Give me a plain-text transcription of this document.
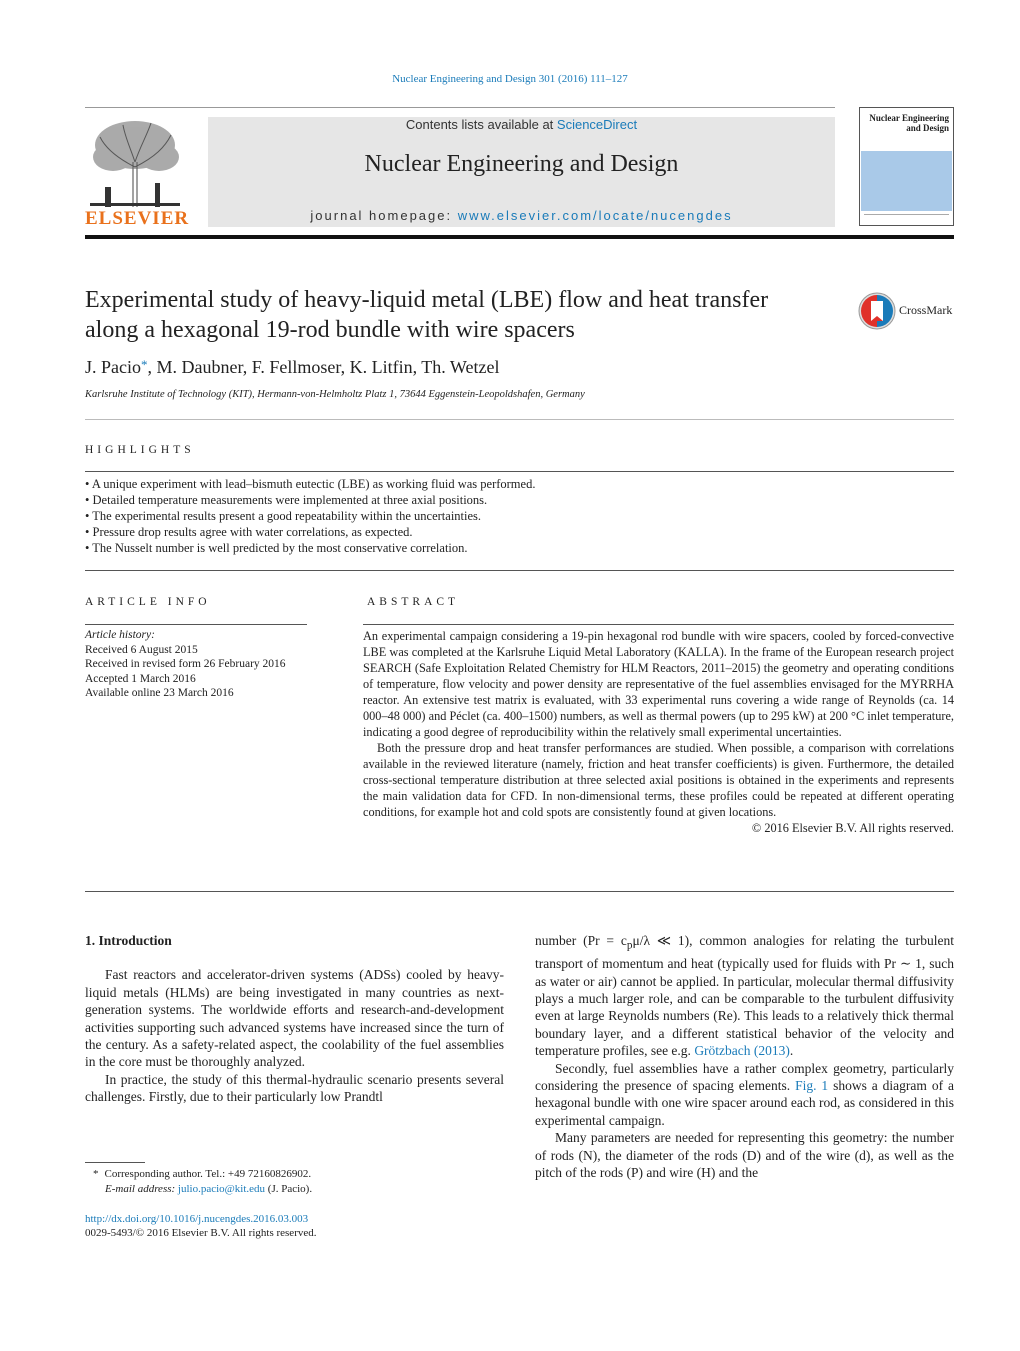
Nuclear Engineering and Design 301 (2016) 111–127
ELSEVIER
Contents lists available at ScienceDirect
Nuclear Engineering and Design
journal homepage: www.elsevier.com/locate/nucengdes
Nuclear Engineering and Design
Experimental study of heavy-liquid metal (LBE) flow and heat transfer along a hexagonal 19-rod bundle with wire spacers
CrossMark
J. Pacio*, M. Daubner, F. Fellmoser, K. Litfin, Th. Wetzel
Karlsruhe Institute of Technology (KIT), Hermann-von-Helmholtz Platz 1, 73644 Eggenstein-Leopoldshafen, Germany
HIGHLIGHTS
• A unique experiment with lead–bismuth eutectic (LBE) as working fluid was performed.
• Detailed temperature measurements were implemented at three axial positions.
• The experimental results present a good repeatability within the uncertainties.
• Pressure drop results agree with water correlations, as expected.
• The Nusselt number is well predicted by the most conservative correlation.
ARTICLE INFO
Article history:
Received 6 August 2015
Received in revised form 26 February 2016
Accepted 1 March 2016
Available online 23 March 2016
ABSTRACT

An experimental campaign considering a 19-pin hexagonal rod bundle with wire spacers, cooled by forced-convective LBE was completed at the Karlsruhe Liquid Metal Laboratory (KALLA). In the frame of the European research project SEARCH (Safe Exploitation Related Chemistry for HLM Reactors, 2011–2015) the geometry and operating conditions of temperature, flow velocity and power density are representative of the fuel assemblies envisaged for the MYRRHA reactor. An extensive test matrix is evaluated, with 33 experimental runs covering a wide range of Reynolds (ca. 14 000–48 000) and Péclet (ca. 400–1500) numbers, as well as thermal powers (up to 295 kW) at 200 °C inlet temperature, indicating a good degree of reproducibility within the relatively small experimental uncertainties.

Both the pressure drop and heat transfer performances are studied. When possible, a comparison with correlations available in the reviewed literature (namely, friction and heat transfer coefficients) is given. Furthermore, the detailed cross-sectional temperature distribution at three selected axial positions is obtained in the experiments and represents the main validation data for CFD. In non-dimensional terms, these profiles could be repeated at different operating conditions, for example hot and cold spots are consistently found at given locations.

© 2016 Elsevier B.V. All rights reserved.

1. Introduction

Fast reactors and accelerator-driven systems (ADSs) cooled by heavy-liquid metals (HLMs) are being investigated in many countries as next-generation systems. The worldwide efforts and research-and-development activities supporting such advanced systems have increased since the turn of the century. As a safety-related aspect, the coolability of the fuel assemblies in the core must be thoroughly analyzed.

In practice, the study of this thermal-hydraulic scenario presents several challenges. Firstly, due to their particularly low Prandtl

number ($Pr = c_p\mu/\lambda$ ≪ 1), common analogies for relating the turbulent transport of momentum and heat (typically used for fluids with Pr ∼ 1, such as water or air) cannot be applied. In particular, molecular thermal diffusivity plays a much larger role, and can be comparable to the turbulent diffusivity even at large Reynolds numbers (Re). This leads to a relatively thick thermal boundary layer, and a different statistical behavior of the velocity and temperature profiles, see e.g. Grötzbach (2013).

Secondly, fuel assemblies have a rather complex geometry, particularly considering the presence of spacing elements. Fig. 1 shows a diagram of a hexagonal bundle with one wire spacer around each rod, as considered in this experimental campaign.

Many parameters are needed for representing this geometry: the number of rods (N), the diameter of the rods (D) and of the wire (d), as well as the pitch of the rods (P) and wire (H) and the

* Corresponding author. Tel.: +49 72160826902.
E-mail address: julio.pacio@kit.edu (J. Pacio).
http://dx.doi.org/10.1016/j.nucengdes.2016.03.003
0029-5493/© 2016 Elsevier B.V. All rights reserved.
